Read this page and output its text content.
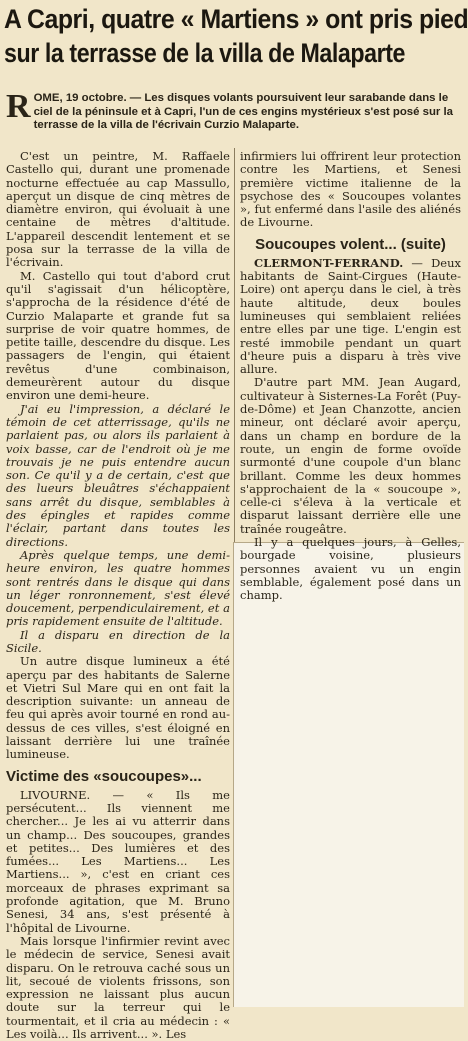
A Capri, quatre « Martiens » ont pris pied
sur la terrasse de la villa de Malaparte
ROME, 19 octobre. — Les disques volants poursuivent leur sarabande dans le ciel de la péninsule et à Capri, l'un de ces engins mystérieux s'est posé sur la terrasse de la villa de l'écrivain Curzio Malaparte.

C'est un peintre, M. Raffaele Castello qui, durant une promenade nocturne effectuée au cap Massullo, aperçut un disque de cinq mètres de diamètre environ, qui évoluait à une centaine de mètres d'altitude. L'appareil descendit lentement et se posa sur la terrasse de la villa de l'écrivain.

M. Castello qui tout d'abord crut qu'il s'agissait d'un hélicoptère, s'approcha de la résidence d'été de Curzio Malaparte et grande fut sa surprise de voir quatre hommes, de petite taille, descendre du disque. Les passagers de l'engin, qui étaient revêtus d'une combinaison, demeurèrent autour du disque environ une demi-heure.

J'ai eu l'impression, a déclaré le témoin de cet atterrissage, qu'ils ne parlaient pas, ou alors ils parlaient à voix basse, car de l'endroit où je me trouvais je ne puis entendre aucun son. Ce qu'il y a de certain, c'est que des lueurs bleuâtres s'échappaient sans arrêt du disque, semblables à des épingles et rapides comme l'éclair, partant dans toutes les directions.

Après quelque temps, une demi-heure environ, les quatre hommes sont rentrés dans le disque qui dans un léger ronronnement, s'est élevé doucement, perpendiculairement, et a pris rapidement ensuite de l'altitude.

Il a disparu en direction de la Sicile.

Un autre disque lumineux a été aperçu par des habitants de Salerne et Vietri Sul Mare qui en ont fait la description suivante: un anneau de feu qui après avoir tourné en rond au-dessus de ces villes, s'est éloigné en laissant derrière lui une traînée lumineuse.

Victime des «soucoupes»...

LIVOURNE. — « Ils me persécutent... Ils viennent me chercher... Je les ai vu atterrir dans un champ... Des soucoupes, grandes et petites... Des lumières et des fumées... Les Martiens... Les Martiens... », c'est en criant ces morceaux de phrases exprimant sa profonde agitation, que M. Bruno Senesi, 34 ans, s'est présenté à l'hôpital de Livourne.

Mais lorsque l'infirmier revint avec le médecin de service, Senesi avait disparu. On le retrouva caché sous un lit, secoué de violents frissons, son expression ne laissant plus aucun doute sur la terreur qui le tourmentait, et il cria au médecin : « Les voilà... Ils arrivent... ». Les

infirmiers lui offrirent leur protection contre les Martiens, et Senesi première victime italienne de la psychose des « Soucoupes volantes », fut enfermé dans l'asile des aliénés de Livourne.

Soucoupes volent... (suite)

CLERMONT-FERRAND. — Deux habitants de Saint-Cirgues (Haute-Loire) ont aperçu dans le ciel, à très haute altitude, deux boules lumineuses qui semblaient reliées entre elles par une tige. L'engin est resté immobile pendant un quart d'heure puis a disparu à très vive allure.

D'autre part MM. Jean Augard, cultivateur à Sisternes-La Forêt (Puy-de-Dôme) et Jean Chanzotte, ancien mineur, ont déclaré avoir aperçu, dans un champ en bordure de la route, un engin de forme ovoïde surmonté d'une coupole d'un blanc brillant. Comme les deux hommes s'approchaient de la « soucoupe », celle-ci s'éleva à la verticale et disparut laissant derrière elle une traînée rougeâtre.

Il y a quelques jours, à Gelles, bourgade voisine, plusieurs personnes avaient vu un engin semblable, également posé dans un champ.
